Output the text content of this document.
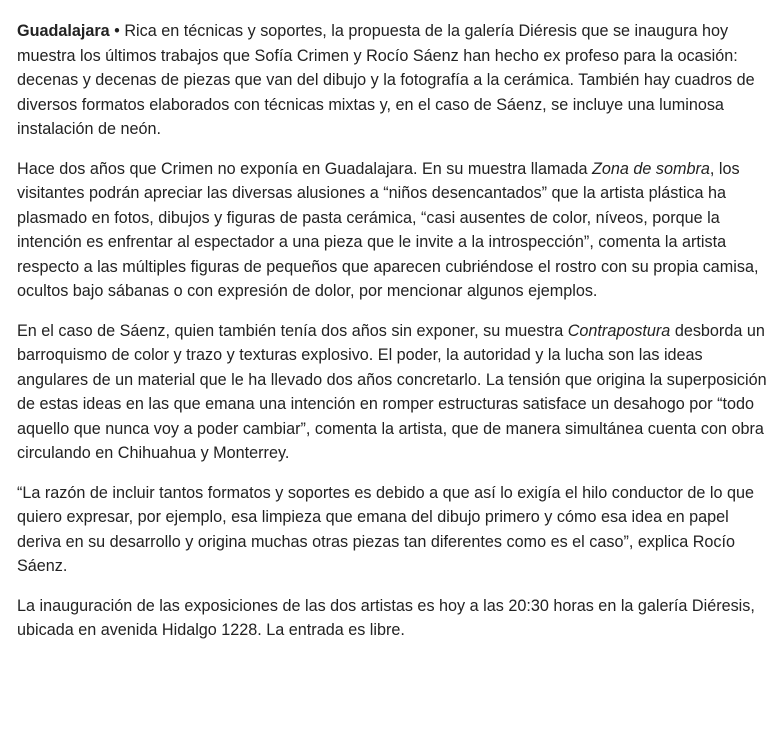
Guadalajara • Rica en técnicas y soportes, la propuesta de la galería Diéresis que se inaugura hoy muestra los últimos trabajos que Sofía Crimen y Rocío Sáenz han hecho ex profeso para la ocasión: decenas y decenas de piezas que van del dibujo y la fotografía a la cerámica. También hay cuadros de diversos formatos elaborados con técnicas mixtas y, en el caso de Sáenz, se incluye una luminosa instalación de neón.

Hace dos años que Crimen no exponía en Guadalajara. En su muestra llamada Zona de sombra, los visitantes podrán apreciar las diversas alusiones a “niños desencantados” que la artista plástica ha plasmado en fotos, dibujos y figuras de pasta cerámica, “casi ausentes de color, níveos, porque la intención es enfrentar al espectador a una pieza que le invite a la introspección”, comenta la artista respecto a las múltiples figuras de pequeños que aparecen cubriéndose el rostro con su propia camisa, ocultos bajo sábanas o con expresión de dolor, por mencionar algunos ejemplos.

En el caso de Sáenz, quien también tenía dos años sin exponer, su muestra Contrapostura desborda un barroquismo de color y trazo y texturas explosivo. El poder, la autoridad y la lucha son las ideas angulares de un material que le ha llevado dos años concretarlo. La tensión que origina la superposición de estas ideas en las que emana una intención en romper estructuras satisface un desahogo por “todo aquello que nunca voy a poder cambiar”, comenta la artista, que de manera simultánea cuenta con obra circulando en Chihuahua y Monterrey.

“La razón de incluir tantos formatos y soportes es debido a que así lo exigía el hilo conductor de lo que quiero expresar, por ejemplo, esa limpieza que emana del dibujo primero y cómo esa idea en papel deriva en su desarrollo y origina muchas otras piezas tan diferentes como es el caso”, explica Rocío Sáenz.

La inauguración de las exposiciones de las dos artistas es hoy a las 20:30 horas en la galería Diéresis, ubicada en avenida Hidalgo 1228. La entrada es libre.
